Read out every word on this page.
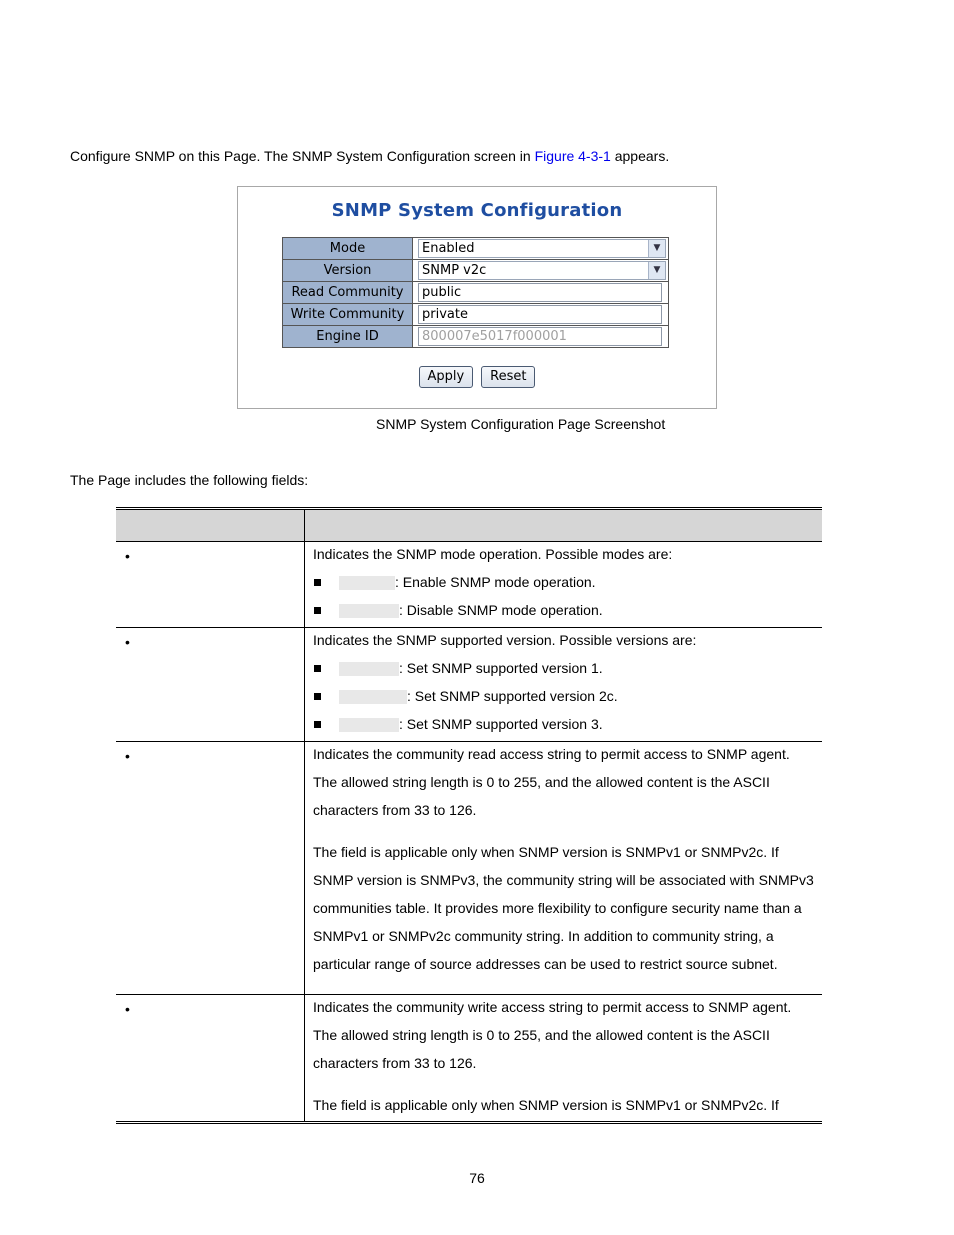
Configure SNMP on this Page. The SNMP System Configuration screen in Figure 4-3-1 appears.
SNMP System Configuration
Mode	Enabled ▼

Version	SNMP v2c ▼

Read Community	public

Write Community	private

Engine ID	800007e5017f000001
Apply Reset
SNMP System Configuration Page Screenshot
The Page includes the following fields:
•	Indicates the SNMP mode operation. Possible modes are:
: Enable SNMP mode operation.
: Disable SNMP mode operation.
•	Indicates the SNMP supported version. Possible versions are:
: Set SNMP supported version 1.
: Set SNMP supported version 2c.
: Set SNMP supported version 3.
•	Indicates the community read access string to permit access to SNMP agent.
The allowed string length is 0 to 255, and the allowed content is the ASCII
characters from 33 to 126.
The field is applicable only when SNMP version is SNMPv1 or SNMPv2c. If
SNMP version is SNMPv3, the community string will be associated with SNMPv3
communities table. It provides more flexibility to configure security name than a
SNMPv1 or SNMPv2c community string. In addition to community string, a
particular range of source addresses can be used to restrict source subnet.
•	Indicates the community write access string to permit access to SNMP agent.
The allowed string length is 0 to 255, and the allowed content is the ASCII
characters from 33 to 126.
The field is applicable only when SNMP version is SNMPv1 or SNMPv2c. If
76
